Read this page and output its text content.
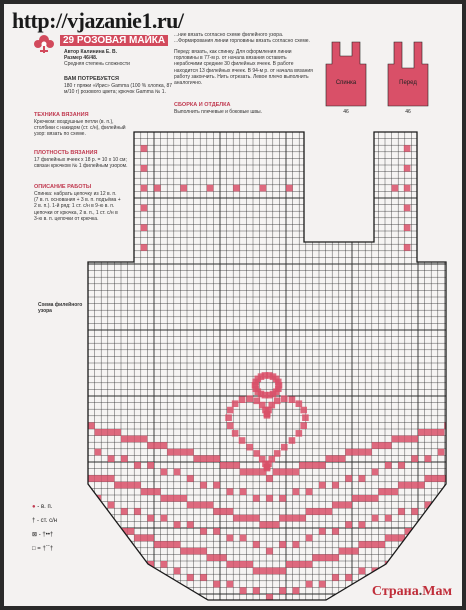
http://vjazanie1.ru/
29 РОЗОВАЯ МАЙКА
Автор Калинина Е. В.
Размер 46/48.
Средняя степень сложности
ВАМ ПОТРЕБУЕТСЯ
180 г пряжи «Ирис» Gamma (100 % хлопка, 87 м/10 г) розового цвета; крючок Gamma № 1.
ТЕХНИКА ВЯЗАНИЯ
Крючком: воздушные петли (в. п.), столбики с накидом (ст. с/н), филейный узор: вязать по схеме.
ПЛОТНОСТЬ ВЯЗАНИЯ
17 филейных ячеек x 18 р. = 10 x 10 см; связан крючком № 1 филейным узором.
ОПИСАНИЕ РАБОТЫ
Спинка: набрать цепочку из 12 в. п. (7 в. п. основания + 3 в. п. подъёма + 2 в. п.). 1-й ряд: 1 ст. с/н в 9-ю в. п. цепочки от крючка, 2 в. п., 1 ст. с/н в 3-ю в. п. цепочки от крючка.
...ние вязать согласно схеме филейного узора. ...Формирования линии горловины вязать согласно схеме.
Перед: вязать, как спинку. Для оформления линии горловины в 77-м р. от начала вязания оставить нерабочими средние 30 филейных ячеек. В работе находится 13 филейных ячеек. В 94-м р. от начала вязания работу закончить. Нить отрезать. Левое плечо выполнить аналогично.
СБОРКА И ОТДЕЛКА
Выполнить плечевые и боковые швы.
Спинка	Перед
46	46
Схема филейного узора
● - в. п.
† - ст. с/н
⊠ - †••†
□ = †ˉˉ†
Страна.Мам
